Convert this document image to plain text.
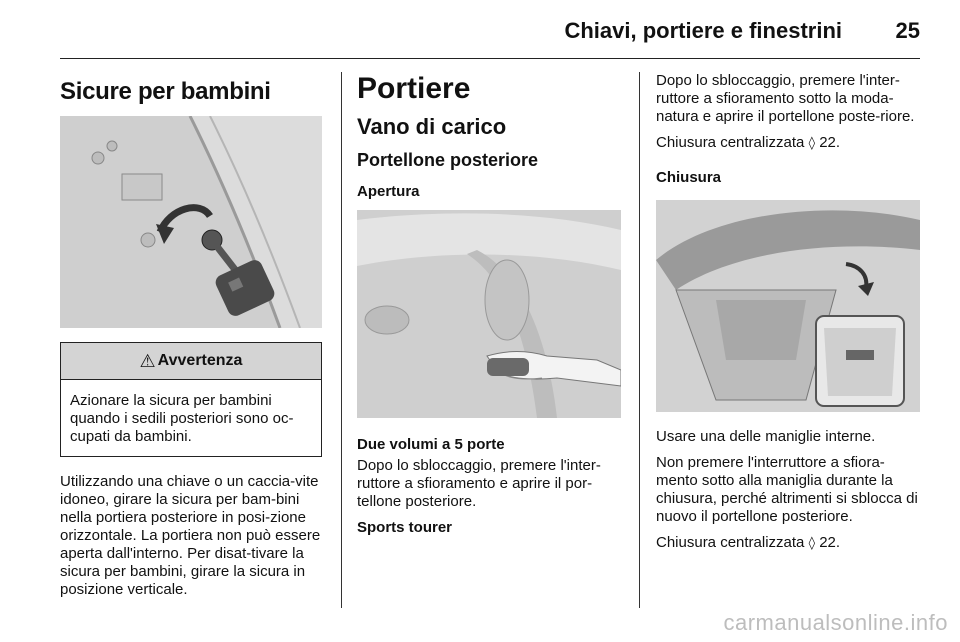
Chiavi, portiere e finestrini 25
Sicure per bambini
⚠ Avvertenza
Azionare la sicura per bambini quando i sedili posteriori sono oc-cupati da bambini.

Utilizzando una chiave o un caccia-vite idoneo, girare la sicura per bam-bini nella portiera posteriore in posi-zione orizzontale. La portiera non può essere aperta dall'interno. Per disat-tivare la sicura per bambini, girare la sicura in posizione verticale.

Portiere
Vano di carico
Portellone posteriore
Apertura
Due volumi a 5 porte

Dopo lo sbloccaggio, premere l'inter-ruttore a sfioramento e aprire il por-tellone posteriore.

Sports tourer

Dopo lo sbloccaggio, premere l'inter-ruttore a sfioramento sotto la moda-natura e aprire il portellone poste-riore.

Chiusura centralizzata ◊ 22.

Chiusura

Usare una delle maniglie interne.

Non premere l'interruttore a sfiora-mento sotto alla maniglia durante la chiusura, perché altrimenti si sblocca di nuovo il portellone posteriore.

Chiusura centralizzata ◊ 22.

carmanualsonline.info
